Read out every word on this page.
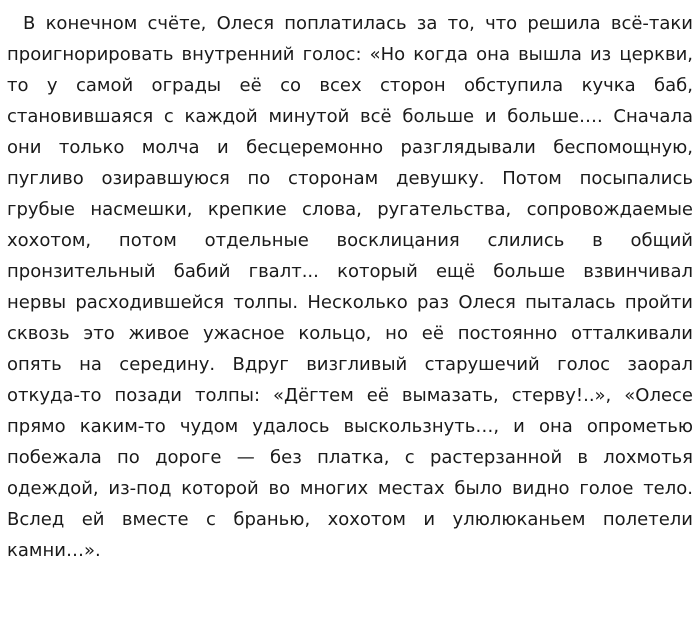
В конечном счёте, Олеся поплатилась за то, что решила всё-таки
проигнорировать внутренний голос: «Но когда она вышла из церкви,
то у самой ограды её со всех сторон обступила кучка баб,
становившаяся с каждой минутой всё больше и больше…. Сначала
они только молча и бесцеремонно разглядывали беспомощную,
пугливо озиравшуюся по сторонам девушку. Потом посыпались
грубые насмешки, крепкие слова, ругательства, сопровождаемые
хохотом, потом отдельные восклицания слились в общий
пронзительный бабий гвалт... который ещё больше взвинчивал
нервы расходившейся толпы. Несколько раз Олеся пыталась пройти
сквозь это живое ужасное кольцо, но её постоянно отталкивали
опять на середину. Вдруг визгливый старушечий голос заорал
откуда-то позади толпы: «Дёгтем её вымазать, стерву!..», «Олесе
прямо каким-то чудом удалось выскользнуть…, и она опрометью
побежала по дороге — без платка, с растерзанной в лохмотья
одеждой, из-под которой во многих местах было видно голое тело.
Вслед ей вместе с бранью, хохотом и улюлюканьем полетели
камни…».
